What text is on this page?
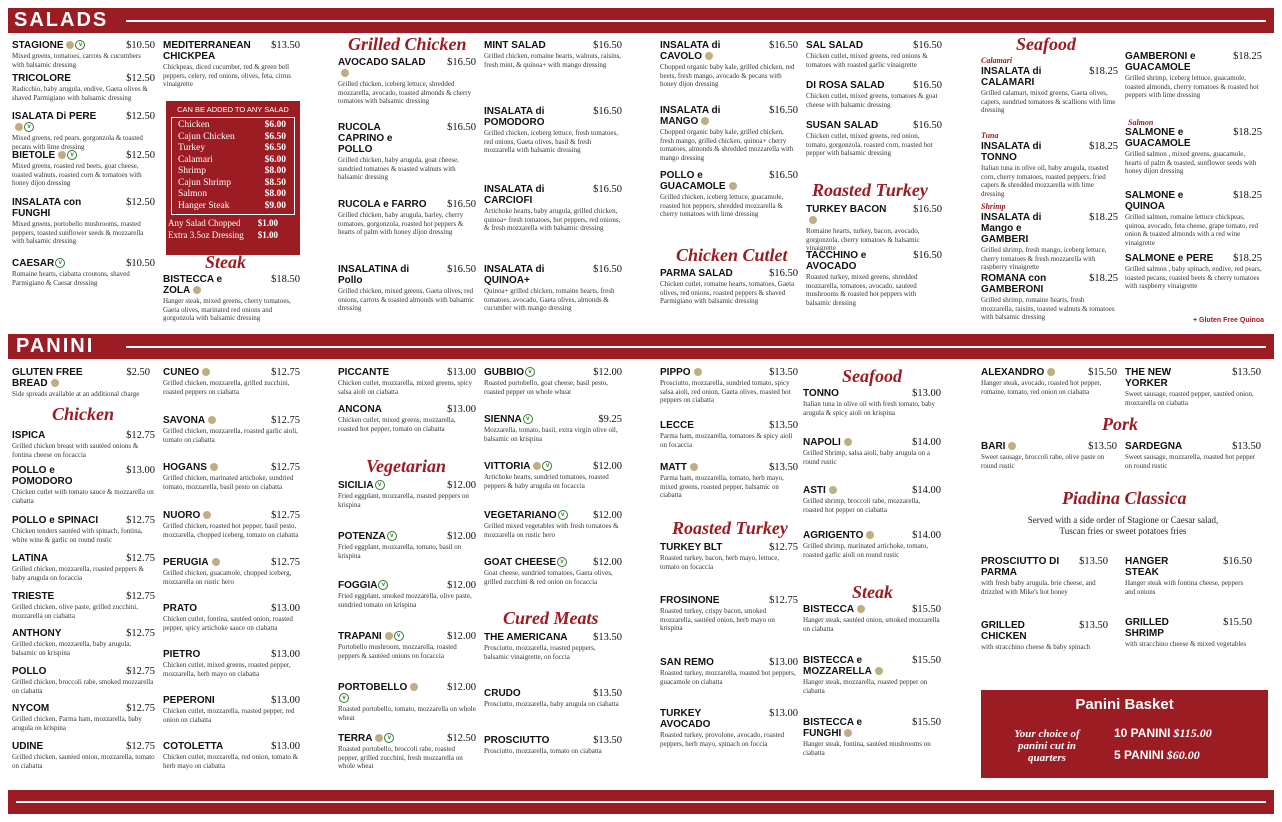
SALADS
PANINI
CAN BE ADDED TO ANY SALAD
Chicken	$6.00
Cajun Chicken	$6.50
Turkey	$6.50
Calamari	$6.00
Shrimp	$8.00
Cajun Shrimp	$8.50
Salmon	$8.00
Hanger Steak	$9.00
Any Salad Chopped $1.00
Extra 3.5oz Dressing $1.00
Panini Basket
Your choice of panini cut in quarters
10 PANINI $115.00
5 PANINI $60.00
Grilled Chicken
Steak
Seafood
Calamari
Tuna
Shrimp
Salmon
Roasted Turkey
Chicken Cutlet
Chicken
Vegetarian
Cured Meats
Roasted Turkey
Seafood
Steak
Pork
Piadina Classica
+ Gluten Free Quinoa
Served with a side order of Stagione or Caesar salad, Tuscan fries or sweet potatoes fries
STAGIONE	v	$10.50
Mixed greens, tomatoes, carrots & cucumbers with balsamic dressing
TRICOLORE	$12.50
Radicchio, baby arugula, endive, Gaeta olives & shaved Parmigiano with balsamic dressing
ISALATA Di PEREv
$12.50
Mixed greens, red pears, gorgonzola & toasted pecans with lime dressing
BIETOLE	v	$12.50
Mixed greens, roasted red beets, goat cheese, toasted walnuts, roasted corn & tomatoes with honey dijon dressing
INSALATA con FUNGHI
$12.50
Mixed greens, portobello mushrooms, roasted peppers, toasted sunflower seeds & mozzarella with balsamic dressing
CAESAR v	$10.50
Romaine hearts, ciabatta croutons, shaved Parmigiano & Caesar dressing
MEDITERRANEAN CHICKPEA
$13.50
Chickpeas, diced cucumber, red & green bell peppers, celery, red onions, olives, feta, citrus vinaigrette
BISTECCA e ZOLA
$18.50
Hanger steak, mixed greens, cherry tomatoes, Gaeta olives, marinated red onions and gorgonzola with balsamic dressing
AVOCADO SALAD	$16.50
Grilled chicken, iceberg lettuce, shredded mozzarella, avocado, toasted almonds & cherry tomatoes with balsamic dressing
RUCOLA CAPRINO e POLLO
$16.50
Grilled chicken, baby arugula, goat cheese, sundried tomatoes & toasted walnuts with balsamic dressing
RUCOLA e FARRO	$16.50
Grilled chicken, baby arugula, barley, cherry tomatoes, gorgonzola, roasted hot peppers & hearts of palm with honey dijon dressing
INSALATINA di Pollo
$16.50
Grilled chicken, mixed greens, Gaeta olives, red onions, carrots & toasted almonds with balsamic dressing
MINT SALAD	$16.50
Grilled chicken, romaine hearts, walnuts, raisins, fresh mint, & quinoa+ with mango dressing
INSALATA di POMODORO
$16.50
Grilled chicken, iceberg lettuce, fresh tomatoes, red onions, Gaeta olives, basil & fresh mozzarella with balsamic dressing
INSALATA di CARCIOFI
$16.50
Artichoke hearts, baby arugula, grilled chicken, quinoa+ fresh tomatoes, hot peppers, red onions, & fresh mozzarella with balsamic dressing
INSALATA di QUINOA+
$16.50
Quinoa+ grilled chicken, romaine hearts, fresh tomatoes, avocado, Gaeta olives, almonds & cucumber with mango dressing
INSALATA di CAVOLO
$16.50
Chopped organic baby kale, grilled chicken, red beets, fresh mango, avocado & pecans with honey dijon dressing
INSALATA di MANGO
$16.50
Chopped organic baby kale, grilled chicken, fresh mango, grilled chicken, quinoa+ cherry tomatoes, almonds & shredded mozzarella with mango dressing
POLLO e GUACAMOLE
$16.50
Grilled chicken, iceberg lettuce, guacamole, roasted hot peppers, shredded mozzarella & cherry tomatoes with lime dressing
PARMA SALAD	$16.50
Chicken cutlet, romaine hearts, tomatoes, Gaeta olives, red onions, roasted peppers & shaved Parmigiano with balsamic dressing
SAL SALAD	$16.50
Chicken cutlet, mixed greens, red onions & tomatoes with roasted garlic vinaigrette
DI ROSA SALAD	$16.50
Chicken cutlet, mixed greens, tomatoes & goat cheese with balsamic dressing
SUSAN SALAD	$16.50
Chicken cutlet, mixed greens, red onion, tomato, gorgonzola, roasted corn, roasted hot pepper with balsamic dressing
TURKEY BACON	$16.50
Romaine hearts, turkey, bacon, avocado, gorgonzola, cherry tomatoes & balsamic vinaigrette
TACCHINO e AVOCADO
$16.50
Roasted turkey, mixed greens, shredded mozzarella, tomatoes, avocado, sauteed mushrooms & roasted hot peppers with balsamic dressing
INSALATA di CALAMARI
$18.25
Grilled calamari, mixed greens, Gaeta olives, capers, sundried tomatoes & scallions with lime dressing
INSALATA di TONNO
$18.25
Italian tuna in olive oil, baby arugula, roasted corn, cherry tomatoes, roasted peppers, fried capers & shredded mozzarella with lime dressing
INSALATA di Mango e GAMBERI
$18.25
Grilled shrimp, fresh mango, iceberg lettuce, cherry tomatoes & fresh mozzarella with raspberry vinaigrette
ROMANA con GAMBERONI
$18.25
Grilled shrimp, romaine hearts, fresh mozzarella, raisins, toasted walnuts & tomatoes with balsamic dressing
GAMBERONI e GUACAMOLE
$18.25
Grilled shrimp, iceberg lettuce, guacamole, toasted almonds, cherry tomatoes & roasted hot peppers with lime dressing
SALMONE e GUACAMOLE
$18.25
Grilled salmon , mixed greens, guacamole, hearts of palm & toasted, sunflower seeds with honey dijon dressing
SALMONE e QUINOA
$18.25
Grilled salmon, romaine lettuce chickpeas, quinoa, avocado, feta cheese, grape tomato, red onion & toasted almonds with a red wine vinaigrette
SALMONE e PERE	$18.25
Grilled salmon , baby spinach, endive, red pears, toasted pecans, roasted beets & cherry tomatoes with raspberry vinaigrette
GLUTEN FREE BREAD
$2.50
Side spreads available at an additional charge
ISPICA	$12.75
Grilled chicken breast with sautéed onions & fontina cheese on focaccia
POLLO e POMODORO
$13.00
Chicken cutlet with tomato sauce & mozzarella on ciabatta
POLLO e SPINACI	$12.75
Chicken tenders sautéed with spinach, fontina, white wine & garlic on round rustic
LATINA	$12.75
Grilled chicken, mozzarella, roasted peppers & baby arugula on focaccia
TRIESTE	$12.75
Grilled chicken, olive paste, grilled zucchini, mozzarella on ciabatta
ANTHONY	$12.75
Grilled chicken, mozzarella, baby arugula, balsamic on krispina
POLLO	$12.75
Grilled chicken, broccoli rabe, smoked mozzarella on ciabatta
NYCOM	$12.75
Grilled chicken, Parma ham, mozzarella, baby arugula on krispina
UDINE	$12.75
Grilled chicken, sautéed onion, mozzarella, tomato on ciabatta
CUNEO	$12.75
Grilled chicken, mozzarella, grilled zucchini, roasted peppers on ciabatta
SAVONA	$12.75
Grilled chicken, mozzarella, roasted garlic aioli, tomato on ciabatta
HOGANS	$12.75
Grilled chicken, marinated artichoke, sundried tomato, mozzarella, basil pesto on ciabatta
NUORO	$12.75
Grilled chicken, roasted hot pepper, basil pesto, mozzarella, chopped iceberg, tomato on ciabatta
PERUGIA	$12.75
Grilled chicken, guacamole, chopped iceberg, mozzarella on rustic hero
PRATO	$13.00
Chicken cutlet, fontina, sautéed onion, roasted pepper, spicy artichoke sauce on ciabatta
PIETRO	$13.00
Chicken cutlet, mixed greens, roasted pepper, mozzarella, herb mayo on ciabatta
PEPERONI	$13.00
Chicken cutlet, mozzarella, roasted pepper, red onion on ciabatta
COTOLETTA	$13.00
Chicken cutlet, mozzarella, red onion, tomato & herb mayo on ciabatta
PICCANTE	$13.00
Chicken cutlet, mozzarella, mixed greens, spicy salsa aioli on ciabatta
ANCONA	$13.00
Chicken cutlet, mixed greens, mozzarella, roasted hot pepper, tomato on ciabatta
SICILIA v	$12.00
Fried eggplant, mozzarella, roasted peppers on krispina
POTENZA v	$12.00
Fried eggplant, mozzarella, tomato, basil on krispina
FOGGIA v	$12.00
Fried eggplant, smoked mozzarella, olive paste, sundried tomato on krispina
TRAPANI	v	$12.00
Portobello mushroom, mozzarella, roasted peppers & sautéed onions on focaccia
PORTOBELLOv
$12.00
Roasted portobello, tomato, mozzarella on whole wheat
TERRA	v	$12.50
Roasted portobello, broccoli rabe, roasted pepper, grilled zucchini, fresh mozzarella on whole wheat
GUBBIO v	$12.00
Roasted portobello, goat cheese, basil pesto, roasted pepper on whole wheat
SIENNA v	$9.25
Mozzarella, tomato, basil, extra virgin olive oil, balsamic on krispina
VITTORIA	v	$12.00
Artichoke hearts, sundried tomatoes, roasted peppers & baby arugula on focaccia
VEGETARIANO v	$12.00
Grilled mixed vegetables with fresh tomatoes & mozzarella on rustic hero
GOAT CHEESE v	$12.00
Goat cheese, sundried tomatoes, Gaeta olives, grilled zucchini & red onion on focaccia
THE AMERICANA	$13.50
Prosciutto, mozzarella, roasted peppers, balsamic vinaigrette, on foccia
CRUDO	$13.50
Prosciutto, mozzarella, baby arugula on ciabatta
PROSCIUTTO	$13.50
Prosciutto, mozzarella, tomato on ciabatta
PIPPO	$13.50
Prosciutto, mozzarella, sundried tomato, spicy salsa aioli, red onion, Gaeta olives, roasted hot peppers on ciabatta
LECCE	$13.50
Parma ham, mozzarella, tomatoes & spicy aioli on focaccia
MATT	$13.50
Parma ham, mozzarella, tomato, herb mayo, mixed greens, roasted pepper, balsamic on ciabatta
TURKEY BLT	$12.75
Roasted turkey, bacon, herb mayo, lettuce, tomato on focaccia
FROSINONE	$12.75
Roasted turkey, crispy bacon, smoked mozzarella, sautéed onion, herb mayo on krispina
SAN REMO	$13.00
Roasted turkey, mozzarella, roasted hot peppers, guacamole on ciabatta
TURKEY AVOCADO
$13.00
Roasted turkey, provolone, avocado, roasted peppers, herb mayo, spinach on foccia
TONNO	$13.00
Italian tuna in olive oil with fresh tomato, baby arugula & spicy aioli on krispina
NAPOLI	$14.00
Grilled Shrimp, salsa aioli, baby arugula on a round rustic
ASTI	$14.00
Grilled shrimp, broccoli rabe, mozzarella, roasted hot pepper on ciabatta
AGRIGENTO	$14.00
Grilled shrimp, marinated artichoke, tomato, roasted garlic aioli on round rustic
BISTECCA	$15.50
Hanger steak, sautéed onion, smoked mozzarella on ciabatta
BISTECCA e MOZZARELLA
$15.50
Hanger steak, mozzarella, roasted pepper on ciabatta
BISTECCA e FUNGHI
$15.50
Hanger steak, fontina, sautéed mushrooms on ciabatta
ALEXANDRO	$15.50
Hanger steak, avocado, roasted hot pepper, romaine, tomato, red onion on ciabatta
THE NEW YORKER
$13.50
Sweet sausage, roasted pepper, sautéed onion, mozzarella on ciabatta
BARI	$13.50
Sweet sausage, broccoli rabe, olive paste on round rustic
SARDEGNA	$13.50
Sweet sausage, mozzarella, roasted hot pepper on round rustic
PROSCIUTTO DI PARMA
$13.50
with fresh baby arugula, brie cheese, and drizzled with Mike's hot honey
HANGER STEAK
$16.50
Hanger steak with fontina cheese, peppers and onions
GRILLED CHICKEN
$13.50
with stracchino cheese & baby spinach
GRILLED SHRIMP
$15.50
with stracchino cheese & mixed vegetables
